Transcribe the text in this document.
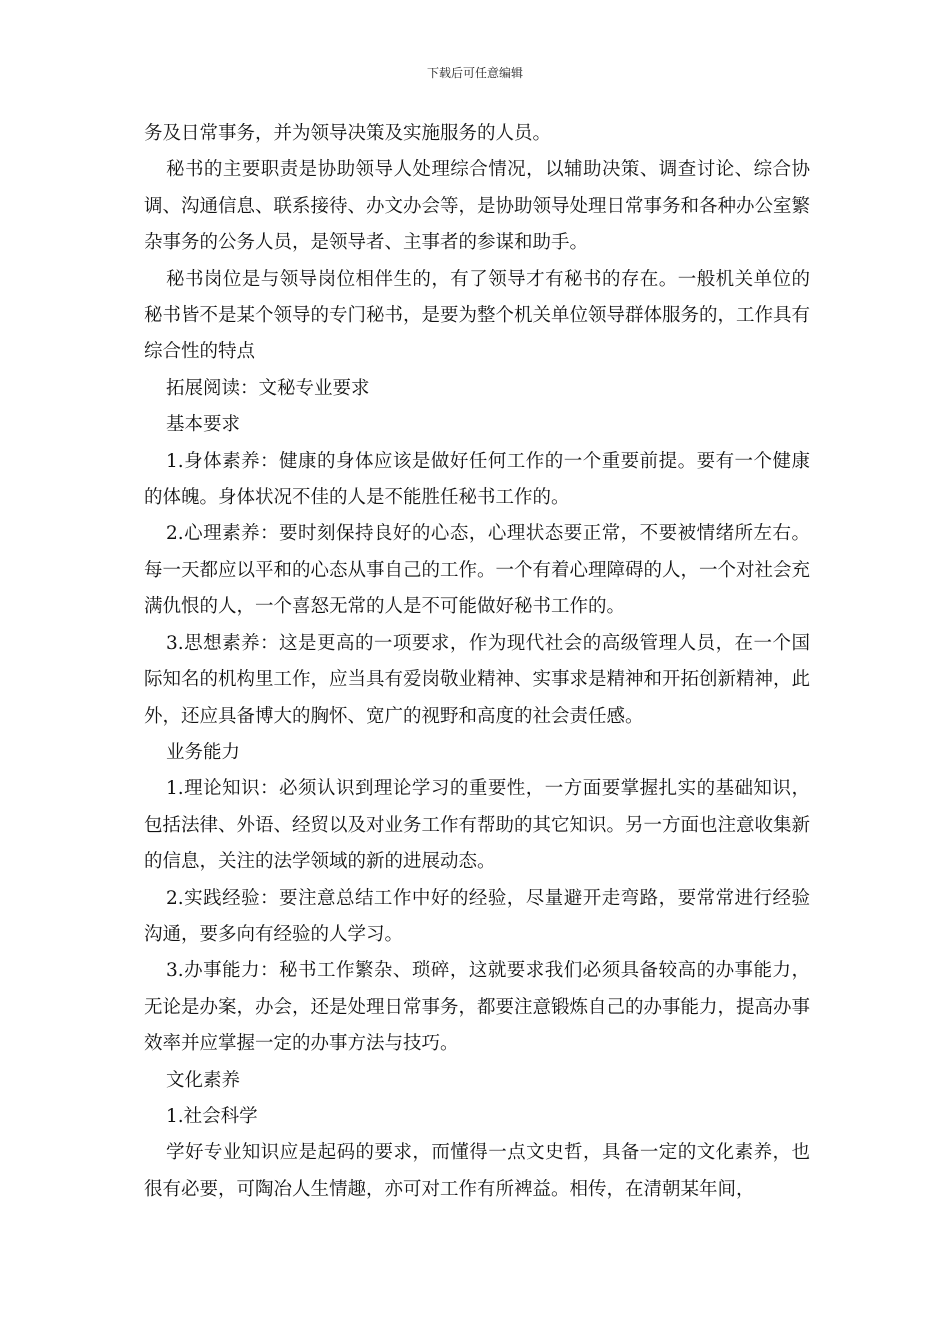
下载后可任意编辑

务及日常事务，并为领导决策及实施服务的人员。

秘书的主要职责是协助领导人处理综合情况，以辅助决策、调查讨论、综合协调、沟通信息、联系接待、办文办会等，是协助领导处理日常事务和各种办公室繁杂事务的公务人员，是领导者、主事者的参谋和助手。

秘书岗位是与领导岗位相伴生的，有了领导才有秘书的存在。一般机关单位的秘书皆不是某个领导的专门秘书，是要为整个机关单位领导群体服务的，工作具有综合性的特点

拓展阅读：文秘专业要求

基本要求

1.身体素养：健康的身体应该是做好任何工作的一个重要前提。要有一个健康的体魄。身体状况不佳的人是不能胜任秘书工作的。

2.心理素养：要时刻保持良好的心态，心理状态要正常，不要被情绪所左右。每一天都应以平和的心态从事自己的工作。一个有着心理障碍的人，一个对社会充满仇恨的人，一个喜怒无常的人是不可能做好秘书工作的。

3.思想素养：这是更高的一项要求，作为现代社会的高级管理人员，在一个国际知名的机构里工作，应当具有爱岗敬业精神、实事求是精神和开拓创新精神，此外，还应具备博大的胸怀、宽广的视野和高度的社会责任感。

业务能力

1.理论知识：必须认识到理论学习的重要性，一方面要掌握扎实的基础知识，包括法律、外语、经贸以及对业务工作有帮助的其它知识。另一方面也注意收集新的信息，关注的法学领域的新的进展动态。

2.实践经验：要注意总结工作中好的经验，尽量避开走弯路，要常常进行经验沟通，要多向有经验的人学习。

3.办事能力：秘书工作繁杂、琐碎，这就要求我们必须具备较高的办事能力，无论是办案，办会，还是处理日常事务，都要注意锻炼自己的办事能力，提高办事效率并应掌握一定的办事方法与技巧。

文化素养

1.社会科学

学好专业知识应是起码的要求，而懂得一点文史哲，具备一定的文化素养，也很有必要，可陶冶人生情趣，亦可对工作有所裨益。相传，在清朝某年间，
